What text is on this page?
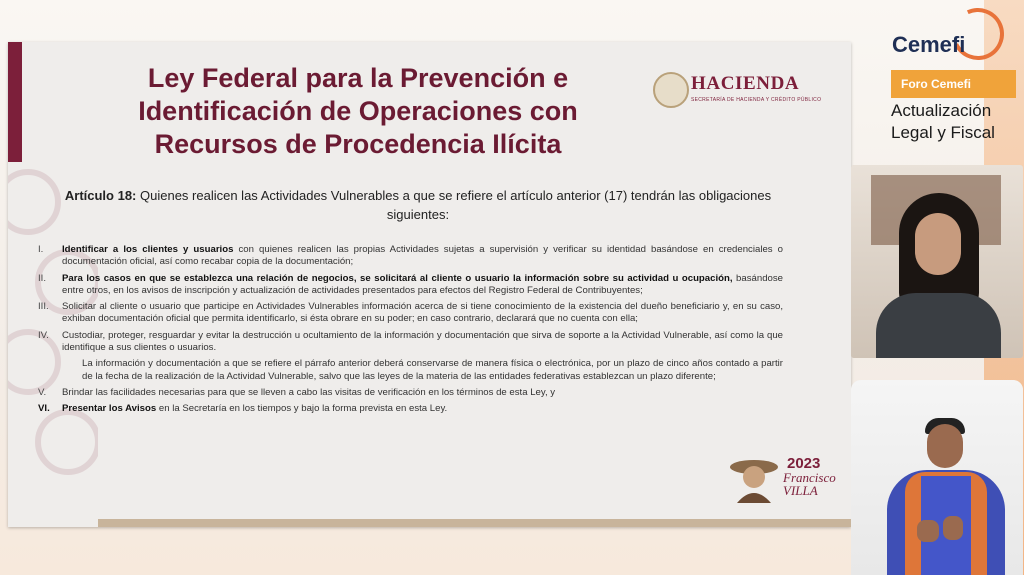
Ley Federal para la Prevención e Identificación de Operaciones con Recursos de Procedencia Ilícita
HACIENDA
SECRETARÍA DE HACIENDA Y CRÉDITO PÚBLICO
Artículo 18: Quienes realicen las Actividades Vulnerables a que se refiere el artículo anterior (17) tendrán las obligaciones siguientes:
I. Identificar a los clientes y usuarios con quienes realicen las propias Actividades sujetas a supervisión y verificar su identidad basándose en credenciales o documentación oficial, así como recabar copia de la documentación;
II. Para los casos en que se establezca una relación de negocios, se solicitará al cliente o usuario la información sobre su actividad u ocupación, basándose entre otros, en los avisos de inscripción y actualización de actividades presentados para efectos del Registro Federal de Contribuyentes;
III. Solicitar al cliente o usuario que participe en Actividades Vulnerables información acerca de si tiene conocimiento de la existencia del dueño beneficiario y, en su caso, exhiban documentación oficial que permita identificarlo, si ésta obrare en su poder; en caso contrario, declarará que no cuenta con ella;
IV. Custodiar, proteger, resguardar y evitar la destrucción u ocultamiento de la información y documentación que sirva de soporte a la Actividad Vulnerable, así como la que identifique a sus clientes o usuarios.
La información y documentación a que se refiere el párrafo anterior deberá conservarse de manera física o electrónica, por un plazo de cinco años contado a partir de la fecha de la realización de la Actividad Vulnerable, salvo que las leyes de la materia de las entidades federativas establezcan un plazo diferente;
V. Brindar las facilidades necesarias para que se lleven a cabo las visitas de verificación en los términos de esta Ley, y
VI. Presentar los Avisos en la Secretaría en los tiempos y bajo la forma prevista en esta Ley.
2023
Francisco
VILLA
Cemefi
Foro Cemefi
Actualización
Legal y Fiscal
